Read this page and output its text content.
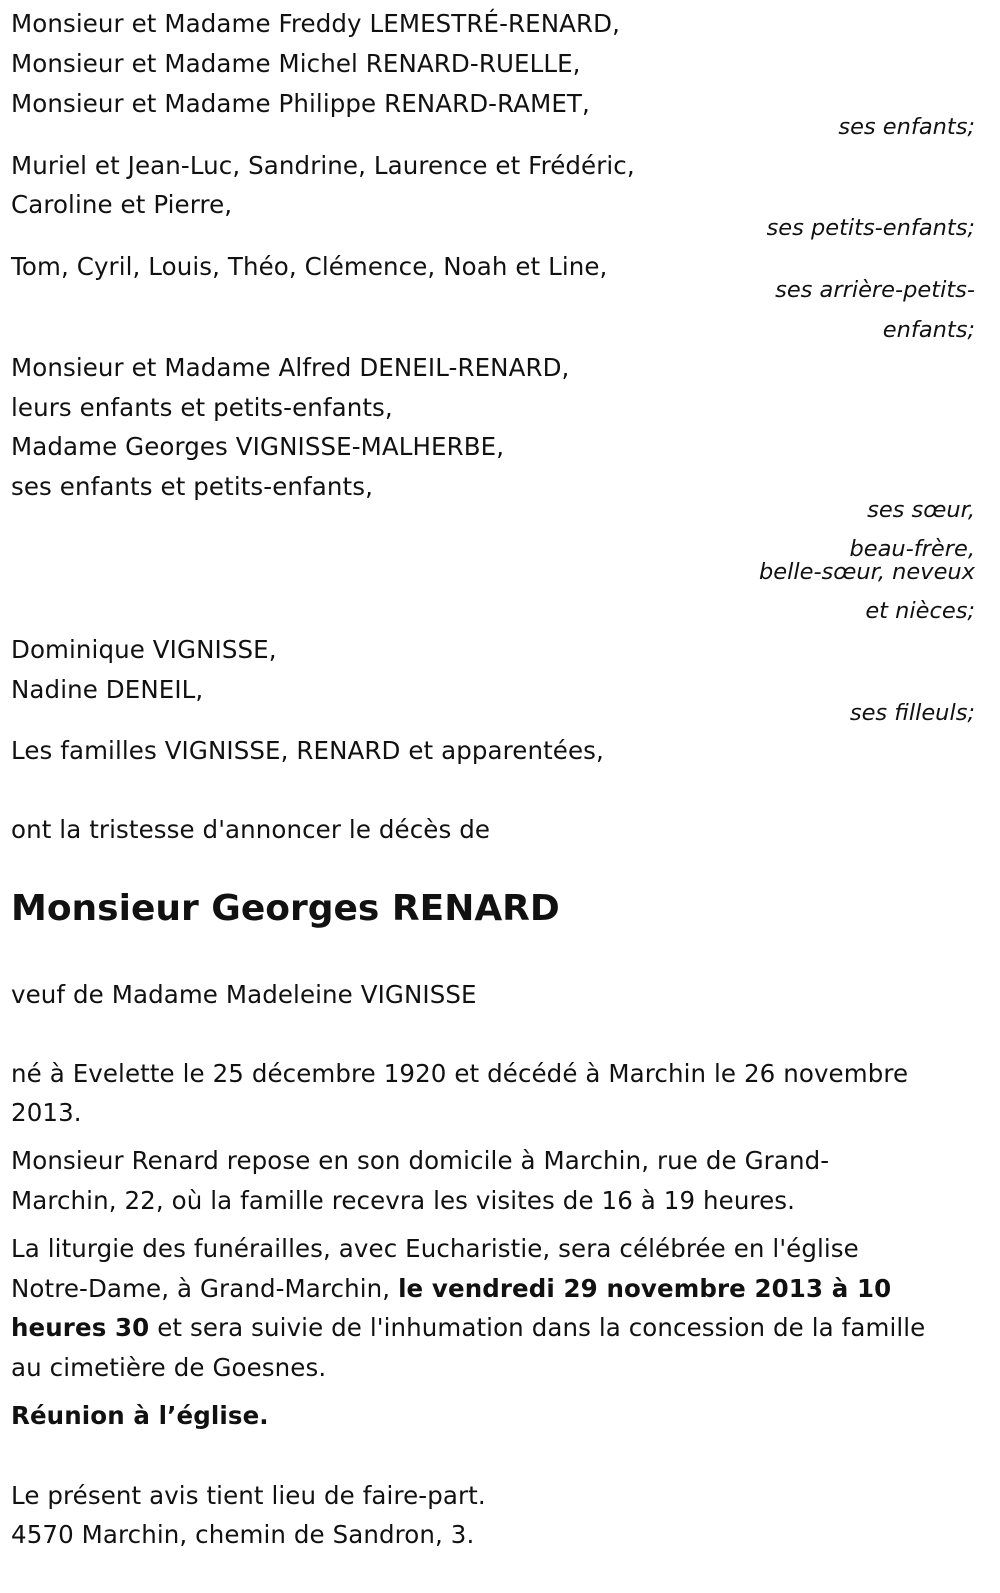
Monsieur et Madame Freddy LEMESTRÉ-RENARD,
Monsieur et Madame Michel RENARD-RUELLE,
Monsieur et Madame Philippe RENARD-RAMET,
ses enfants;
Muriel et Jean-Luc, Sandrine, Laurence et Frédéric,
Caroline et Pierre,
ses petits-enfants;
Tom, Cyril, Louis, Théo, Clémence, Noah et Line,
ses arrière-petits-
enfants;
Monsieur et Madame Alfred DENEIL-RENARD,
leurs enfants et petits-enfants,
Madame Georges VIGNISSE-MALHERBE,
ses enfants et petits-enfants,
ses sœur,
beau-frère,
belle-sœur, neveux
et nièces;
Dominique VIGNISSE,
Nadine DENEIL,
ses filleuls;
Les familles VIGNISSE, RENARD et apparentées,
ont la tristesse d'annoncer le décès de
Monsieur Georges RENARD
veuf de Madame Madeleine VIGNISSE
né à Evelette le 25 décembre 1920 et décédé à Marchin le 26 novembre
2013.
Monsieur Renard repose en son domicile à Marchin, rue de Grand-
Marchin, 22, où la famille recevra les visites de 16 à 19 heures.
La liturgie des funérailles, avec Eucharistie, sera célébrée en l'église
Notre-Dame, à Grand-Marchin, le vendredi 29 novembre 2013 à 10
heures 30 et sera suivie de l'inhumation dans la concession de la famille
au cimetière de Goesnes.
Réunion à l’église.
Le présent avis tient lieu de faire-part.
4570 Marchin, chemin de Sandron, 3.
